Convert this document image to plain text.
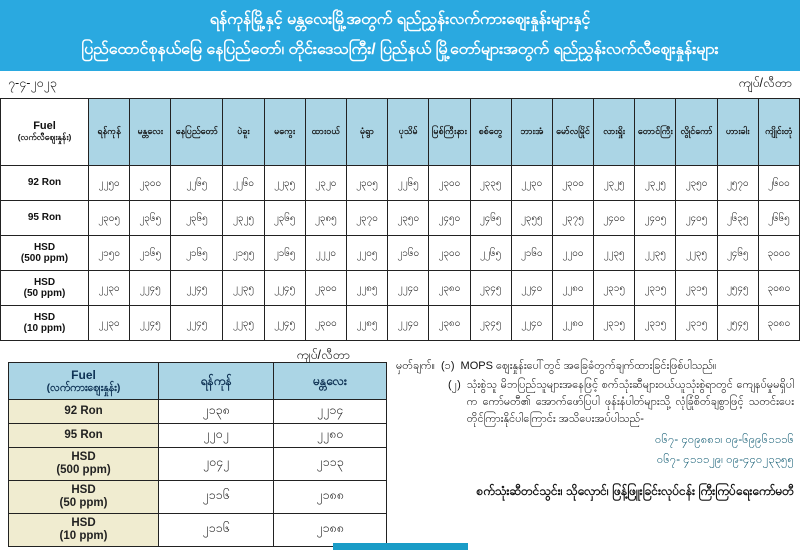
ရန်ကုန်မြို့နှင့် မန္တလေးမြို့အတွက် ရည်ညွှန်းလက်ကားဈေးနှုန်းများနှင့်
ပြည်ထောင်စုနယ်မြေ နေပြည်တော်၊ တိုင်းဒေသကြီး/ ပြည်နယ် မြို့တော်များအတွက် ရည်ညွှန်းလက်လီဈေးနှုန်းများ
၇-၄-၂၀၂၃	ကျပ်/လီတာ
Fuel
(လက်လီဈေးနှုန်း)	ရန်ကုန်	မန္တလေး	နေပြည်တော်	ပဲခူး	မကွေး	ထားဝယ်	မုံရွာ	ပုသိမ်	မြစ်ကြီးနား	စစ်တွေ	ဘားအံ	မော်လမြိုင်	လားရှိုး	တောင်ကြီး	လွိုင်ကော်	ဟားခါး	ကျိုင်းတုံ

92 Ron	၂၂၅၀	၂၃၀၀	၂၂၆၅	၂၂၆၀	၂၂၃၅	၂၃၂၀	၂၃၀၅	၂၂၆၅	၂၃၀၀	၂၃၃၅	၂၂၃၀	၂၃၀၀	၂၃၂၅	၂၃၂၅	၂၃၅၀	၂၅၇၀	၂၆၀၀

95 Ron	၂၃၀၅	၂၃၆၅	၂၃၆၅	၂၃၂၅	၂၃၆၅	၂၃၈၅	၂၃၇၀	၂၃၅၀	၂၄၅၀	၂၄၆၅	၂၃၅၅	၂၃၇၅	၂၄၀၀	၂၄၀၅	၂၄၀၅	၂၆၃၅	၂၆၆၅

HSD
(500 ppm)	၂၁၅၀	၂၁၆၅	၂၁၆၅	၂၁၅၅	၂၁၆၅	၂၂၂၀	၂၂၀၅	၂၁၆၀	၂၃၀၀	၂၂၆၅	၂၁၆၀	၂၂၀၀	၂၂၃၅	၂၂၃၅	၂၂၃၅	၂၄၆၅	၃၀၀၀

HSD
(50 ppm)	၂၂၃၀	၂၂၄၅	၂၂၄၅	၂၂၃၅	၂၂၄၅	၂၃၀၀	၂၂၈၅	၂၂၄၀	၂၃၈၀	၂၃၄၅	၂၂၄၀	၂၂၈၀	၂၃၁၅	၂၃၁၅	၂၃၁၅	၂၅၄၅	၃၀၈၀

HSD
(10 ppm)	၂၂၃၀	၂၂၄၅	၂၂၄၅	၂၂၃၅	၂၂၄၅	၂၃၀၀	၂၂၈၅	၂၂၄၀	၂၃၈၀	၂၃၄၅	၂၂၄၀	၂၂၈၀	၂၃၁၅	၂၃၁၅	၂၃၁၅	၂၅၄၅	၃၀၈၀
ကျပ်/လီတာ
Fuel
(လက်ကားဈေးနှုန်း)	ရန်ကုန်	မန္တလေး

92 Ron	၂၁၃၈	၂၂၁၄

95 Ron	၂၂၀၂	၂၂၈၀

HSD
(500 ppm)	၂၀၄၂	၂၁၁၃

HSD
(50 ppm)	၂၁၁၆	၂၁၈၈

HSD
(10 ppm)	၂၁၁၆	၂၁၈၈
မှတ်ချက်။ (၁) MOPS ဈေးနှုန်းပေါ်တွင် အခြေခံတွက်ချက်ထားခြင်းဖြစ်ပါသည်။
(၂) သုံးစွဲသူ မိဘပြည်သူများအနေဖြင့် စက်သုံးဆီများဝယ်ယူသုံးစွဲရာတွင် ကျေနပ်မှုမရှိပါက ကော်မတီ၏ အောက်ဖော်ပြပါ ဖုန်းနံပါတ်များသို့ လုံခြုံစိတ်ချစွာဖြင့် သတင်းပေးတိုင်ကြားနိုင်ပါကြောင်း အသိပေးအပ်ပါသည်-
ဝ၆၇- ၄၀၉၈၈၁၊ ဝ၉-၆၉၉၆၁၁၁၆
ဝ၆၇- ၄၁၁၁၂၉၊ ဝ၉-၄၄၀၂၃၃၅၅
စက်သုံးဆီတင်သွင်း၊ သိုလှောင်၊ ဖြန့်ဖြူးခြင်းလုပ်ငန်း ကြီးကြပ်ရေးကော်မတီ
